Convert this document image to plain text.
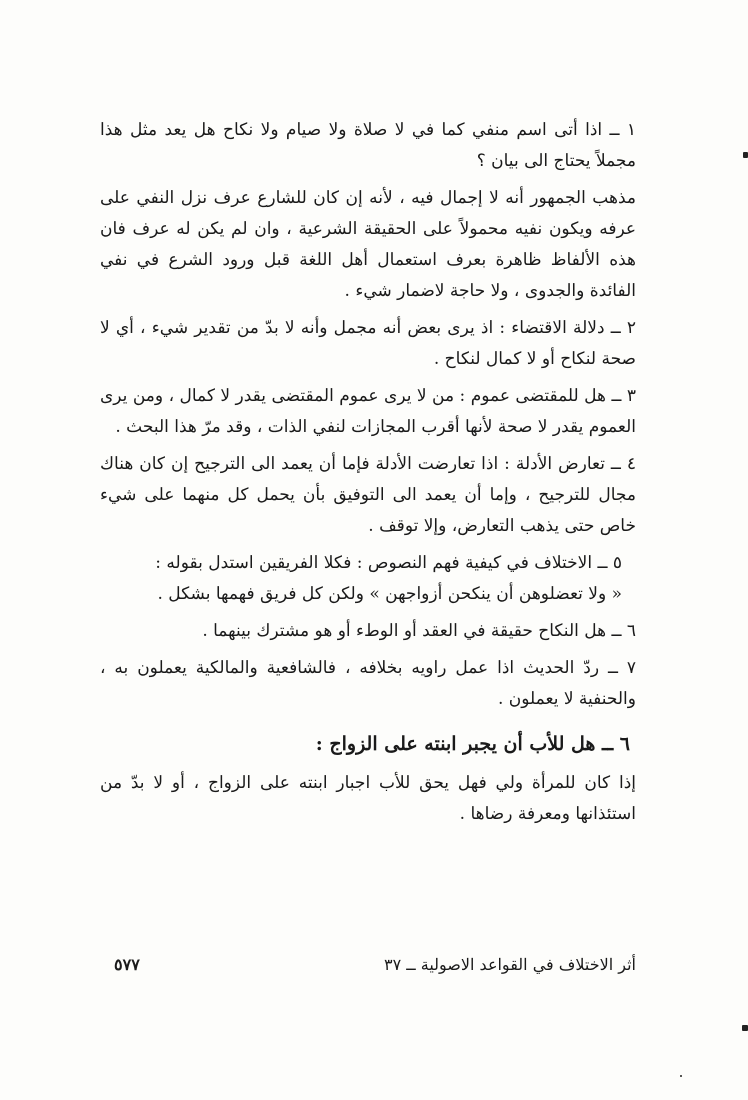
١ ــ اذا أتى اسم منفي كما في لا صلاة ولا صيام ولا نكاح هل يعد مثل هذا مجملاً يحتاج الى بيان ؟

مذهب الجمهور أنه لا إجمال فيه ، لأنه إن كان للشارع عرف نزل النفي على عرفه ويكون نفيه محمولاً على الحقيقة الشرعية ، وان لم يكن له عرف فان هذه الألفاظ ظاهرة بعرف استعمال أهل اللغة قبل ورود الشرع في نفي الفائدة والجدوى ، ولا حاجة لاضمار شيء .

٢ ــ دلالة الاقتضاء : اذ يرى بعض أنه مجمل وأنه لا بدّ من تقدير شيء ، أي لا صحة لنكاح أو لا كمال لنكاح .

٣ ــ هل للمقتضى عموم : من لا يرى عموم المقتضى يقدر لا كمال ، ومن يرى العموم يقدر لا صحة لأنها أقرب المجازات لنفي الذات ، وقد مرّ هذا البحث .

٤ ــ تعارض الأدلة : اذا تعارضت الأدلة فإما أن يعمد الى الترجيح إن كان هناك مجال للترجيح ، وإما أن يعمد الى التوفيق بأن يحمل كل منهما على شيء خاص حتى يذهب التعارض، وإلا توقف .

٥ ــ الاختلاف في كيفية فهم النصوص : فكلا الفريقين استدل بقوله :

« ولا تعضلوهن أن ينكحن أزواجهن » ولكن كل فريق فهمها بشكل .

٦ ــ هل النكاح حقيقة في العقد أو الوطء أو هو مشترك بينهما .

٧ ــ ردّ الحديث اذا عمل راويه بخلافه ، فالشافعية والمالكية يعملون به ، والحنفية لا يعملون .

٦ ــ هل للأب أن يجبر ابنته على الزواج :

إذا كان للمرأة ولي فهل يحق للأب اجبار ابنته على الزواج ، أو لا بدّ من استئذانها ومعرفة رضاها .

أثر الاختلاف في القواعد الاصولية ــ ٣٧
٥٧٧
